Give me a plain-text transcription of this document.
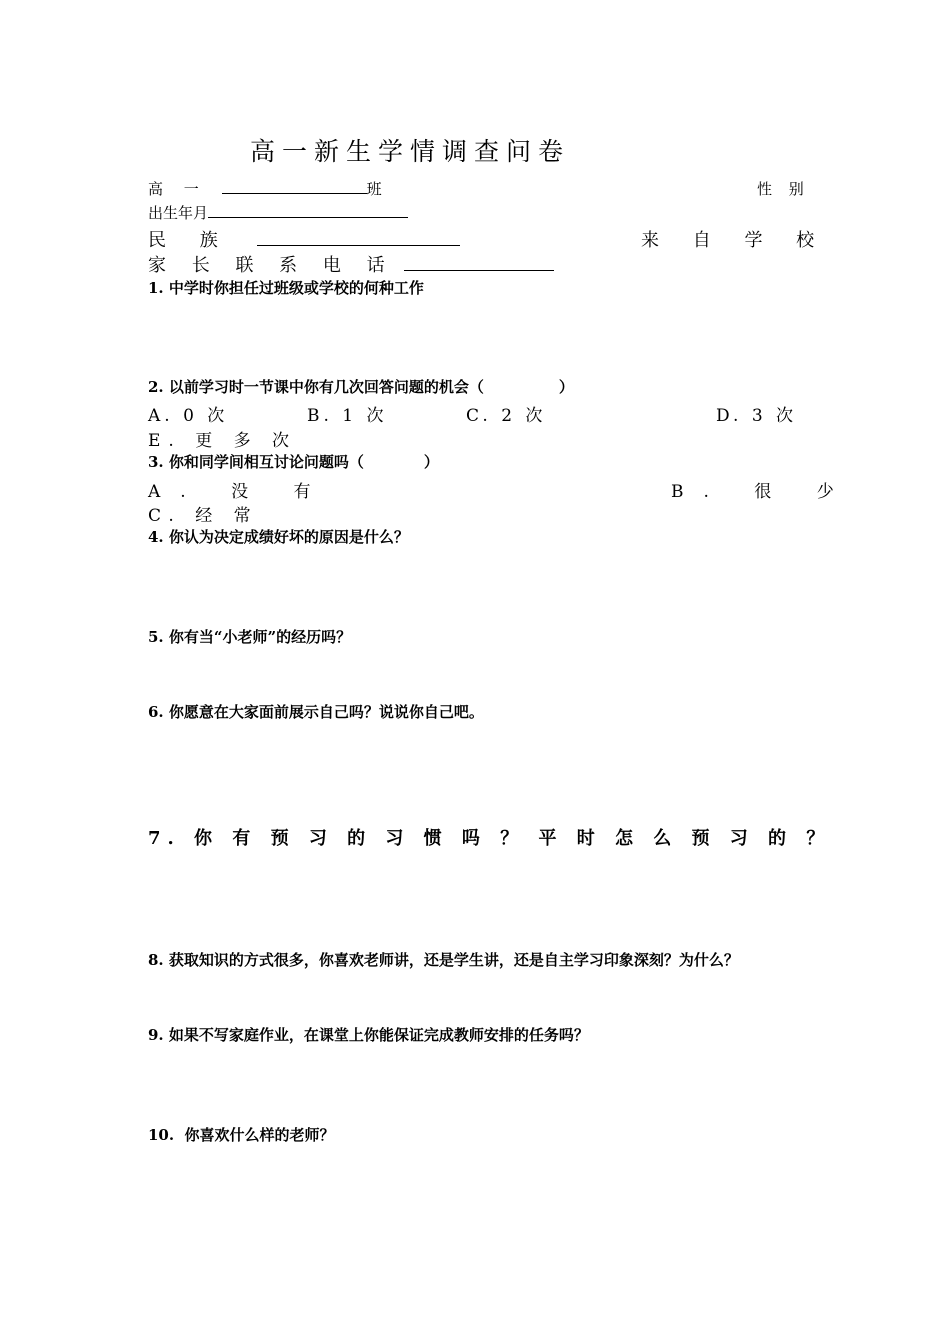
高一新生学情调查问卷
高 一	班	性 别
出生年月
民 族	来 自 学 校
家 长 联 系 电 话
1. 中学时你担任过班级或学校的何种工作
2. 以前学习时一节课中你有几次回答问题的机会（　　　　　）
A. 0 次	B. 1 次	C. 2 次	D. 3 次
E. 更 多 次
3. 你和同学间相互讨论问题吗（　　　　）
A. 没 有	B. 很 少
C. 经 常
4. 你认为决定成绩好坏的原因是什么？
5. 你有当“小老师”的经历吗？
6. 你愿意在大家面前展示自己吗？说说你自己吧。
7. 你 有 预 习 的 习 惯 吗 ？ 平 时 怎 么 预 习 的 ？
8. 获取知识的方式很多，你喜欢老师讲，还是学生讲，还是自主学习印象深刻？为什么？
9. 如果不写家庭作业，在课堂上你能保证完成教师安排的任务吗？
10.  你喜欢什么样的老师？
